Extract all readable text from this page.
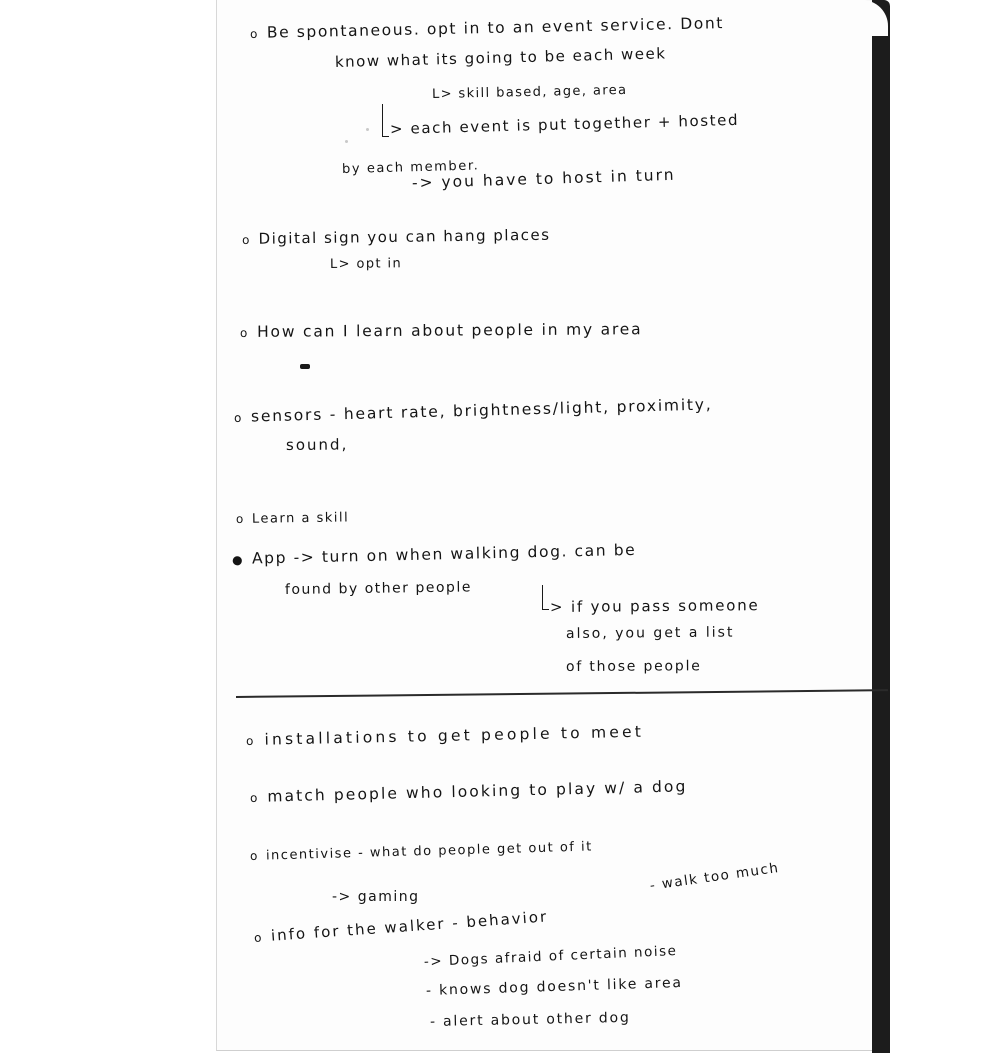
o Be spontaneous. opt in to an event service. Dont
know what its going to be each week
L> skill based, age, area
> each event is put together + hosted
by each member.
-> you have to host in turn
o Digital sign you can hang places
L> opt in
o How can I learn about people in my area
o sensors - heart rate, brightness/light, proximity,
sound,
o Learn a skill
● App -> turn on when walking dog. can be
found by other people
> if you pass someone
also, you get a list
of those people
o installations to get people to meet
o match people who looking to play w/ a dog
o incentivise - what do people get out of it
-> gaming
o info for the walker - behavior
- walk too much
-> Dogs afraid of certain noise
- knows dog doesn't like area
- alert about other dog
